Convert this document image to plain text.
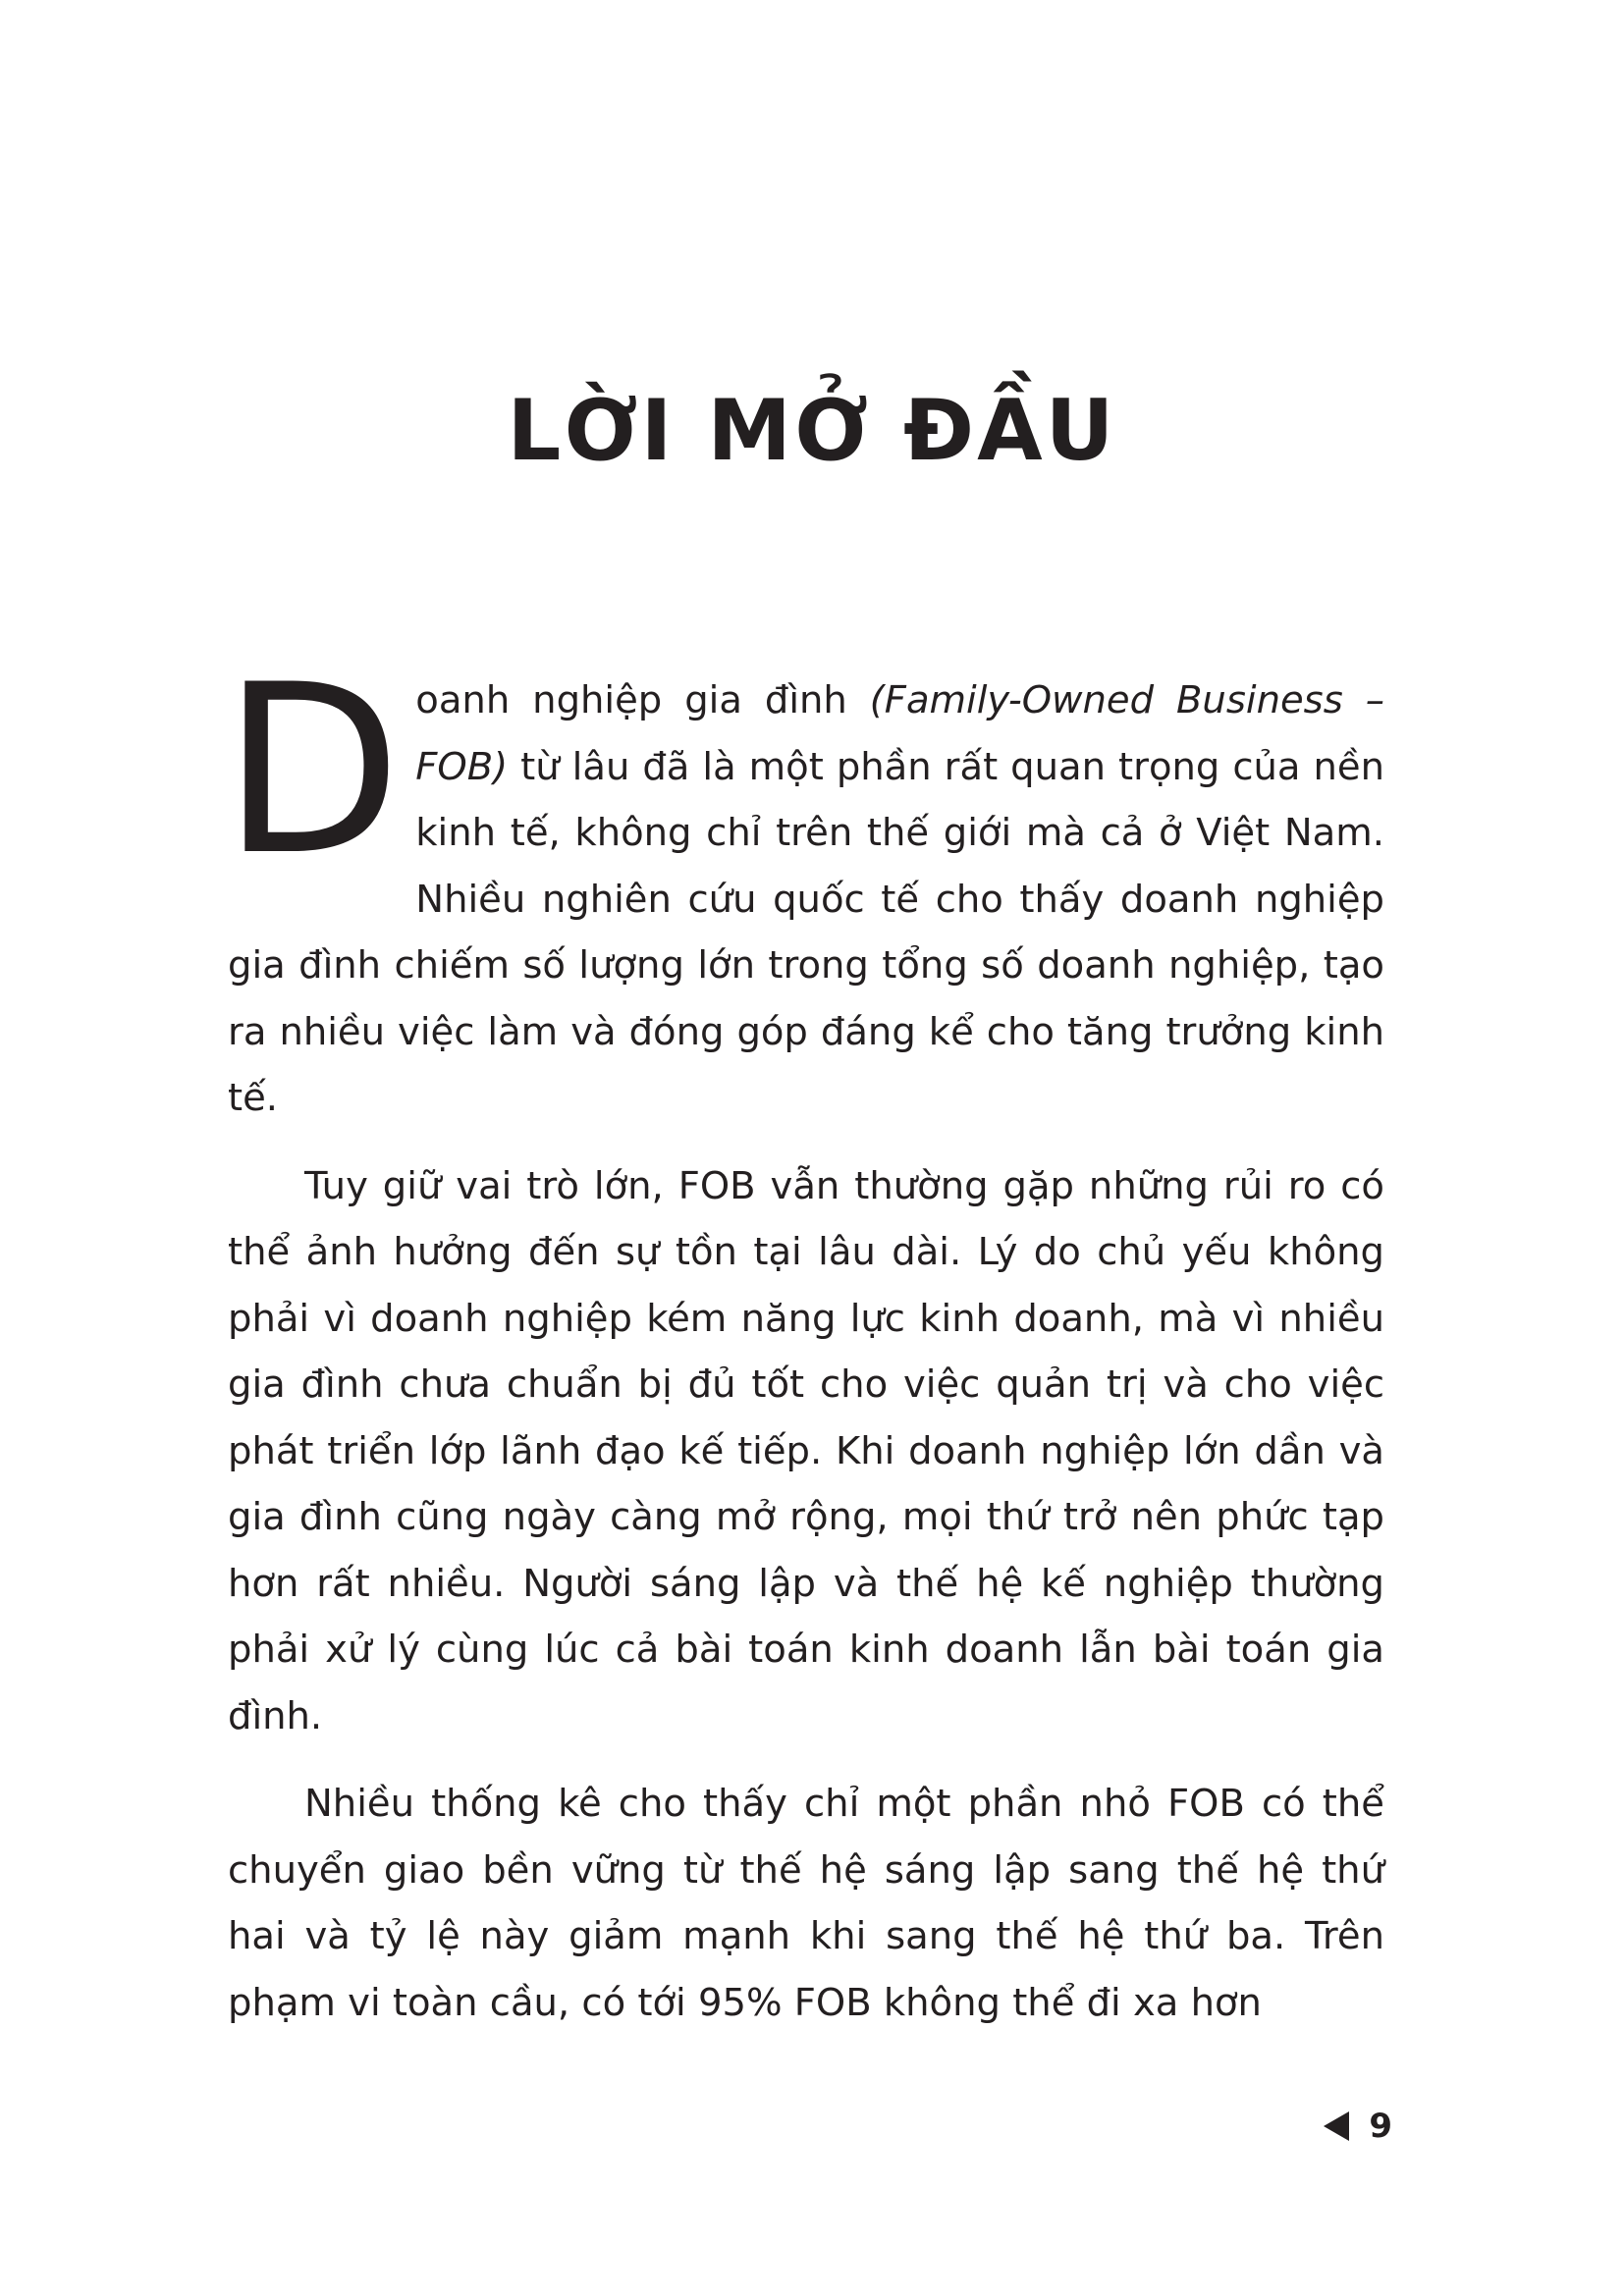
LỜI MỞ ĐẦU

Doanh nghiệp gia đình (Family-Owned Business – FOB) từ lâu đã là một phần rất quan trọng của nền kinh tế, không chỉ trên thế giới mà cả ở Việt Nam. Nhiều nghiên cứu quốc tế cho thấy doanh nghiệp gia đình chiếm số lượng lớn trong tổng số doanh nghiệp, tạo ra nhiều việc làm và đóng góp đáng kể cho tăng trưởng kinh tế.

Tuy giữ vai trò lớn, FOB vẫn thường gặp những rủi ro có thể ảnh hưởng đến sự tồn tại lâu dài. Lý do chủ yếu không phải vì doanh nghiệp kém năng lực kinh doanh, mà vì nhiều gia đình chưa chuẩn bị đủ tốt cho việc quản trị và cho việc phát triển lớp lãnh đạo kế tiếp. Khi doanh nghiệp lớn dần và gia đình cũng ngày càng mở rộng, mọi thứ trở nên phức tạp hơn rất nhiều. Người sáng lập và thế hệ kế nghiệp thường phải xử lý cùng lúc cả bài toán kinh doanh lẫn bài toán gia đình.

Nhiều thống kê cho thấy chỉ một phần nhỏ FOB có thể chuyển giao bền vững từ thế hệ sáng lập sang thế hệ thứ hai và tỷ lệ này giảm mạnh khi sang thế hệ thứ ba. Trên phạm vi toàn cầu, có tới 95% FOB không thể đi xa hơn

9
